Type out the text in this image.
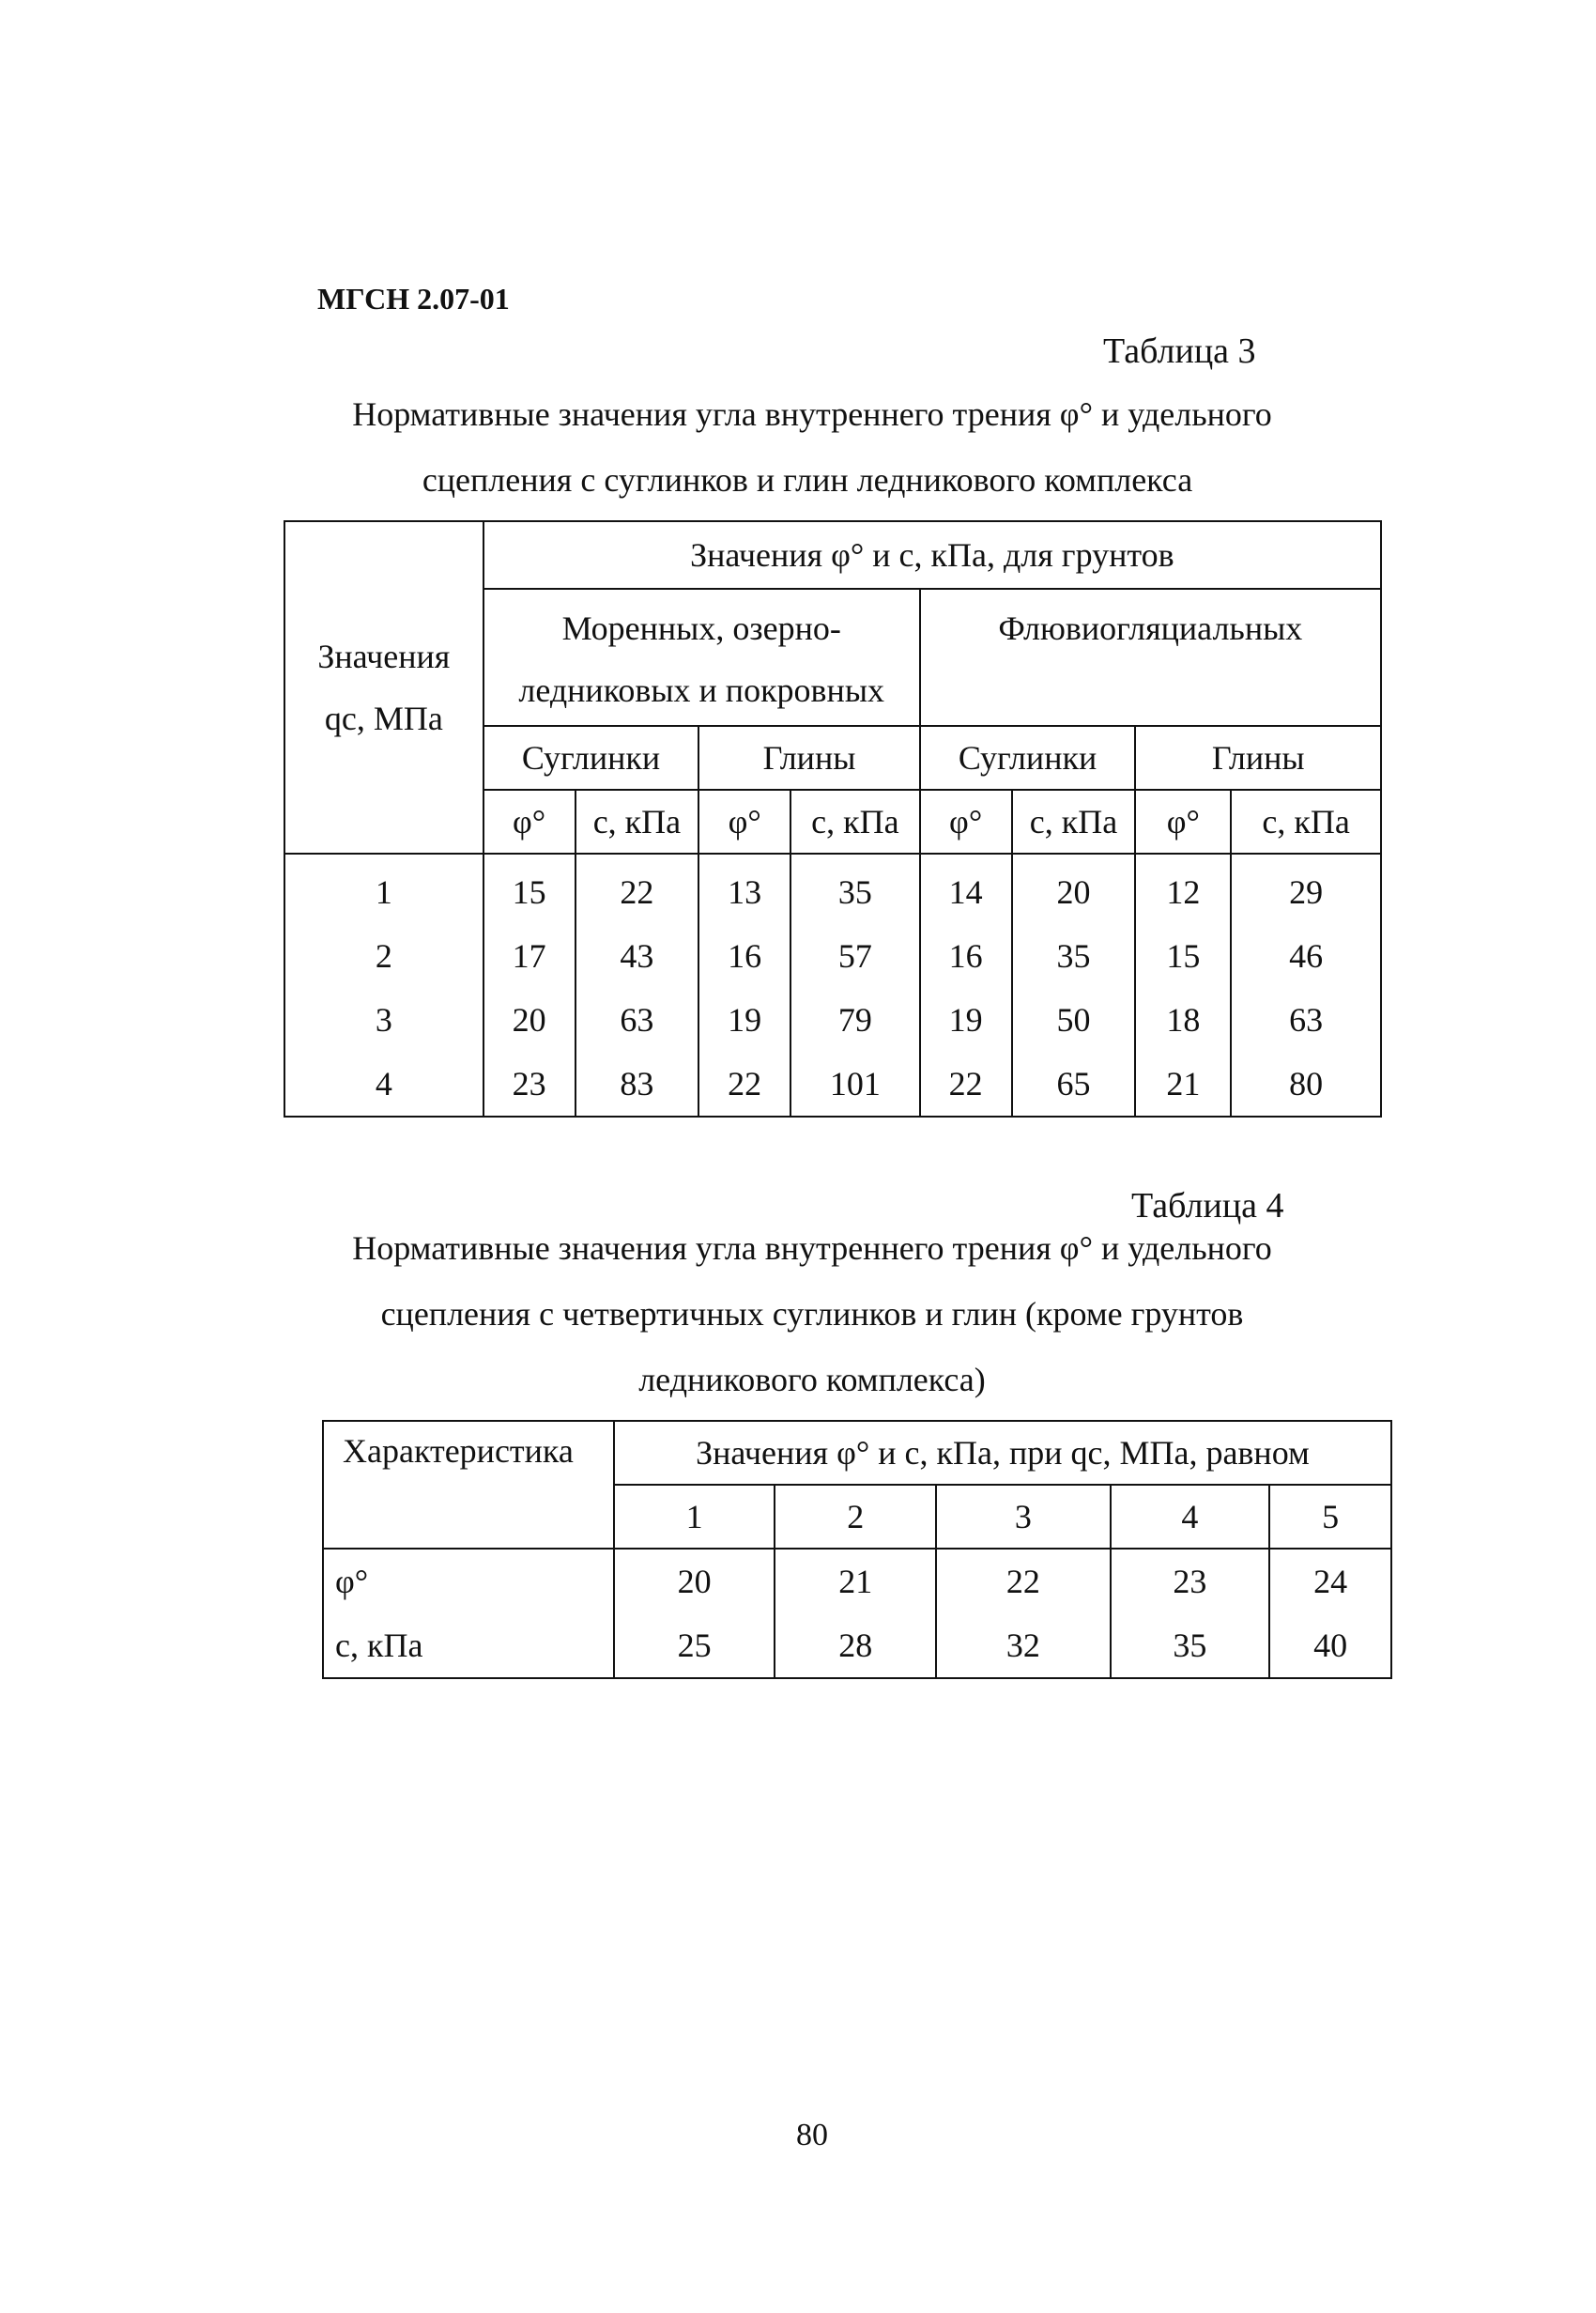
МГСН 2.07-01
Таблица 3
Нормативные значения угла внутреннего трения φ° и удельного
сцепления с суглинков и глин ледникового комплекса
Значения
qc, МПа	Значения φ° и c, кПа, для грунтов							
	Моренных, озерно-ледниковых и покровных				Флювиогляциальных			
	Суглинки		Глины		Суглинки		Глины	
	φ°	c, кПа	φ°	c, кПа	φ°	c, кПа	φ°	c, кПа
1	15	22	13	35	14	20	12	29
2	17	43	16	57	16	35	15	46
3	20	63	19	79	19	50	18	63
4	23	83	22	101	22	65	21	80
Таблица 4
Нормативные значения угла внутреннего трения φ° и удельного
сцепления с четвертичных суглинков и глин (кроме грунтов
ледникового комплекса)
Характеристика	Значения φ° и c, кПа, при qc, МПа, равном				
	1	2	3	4	5
φ°	20	21	22	23	24
c, кПа	25	28	32	35	40
80
